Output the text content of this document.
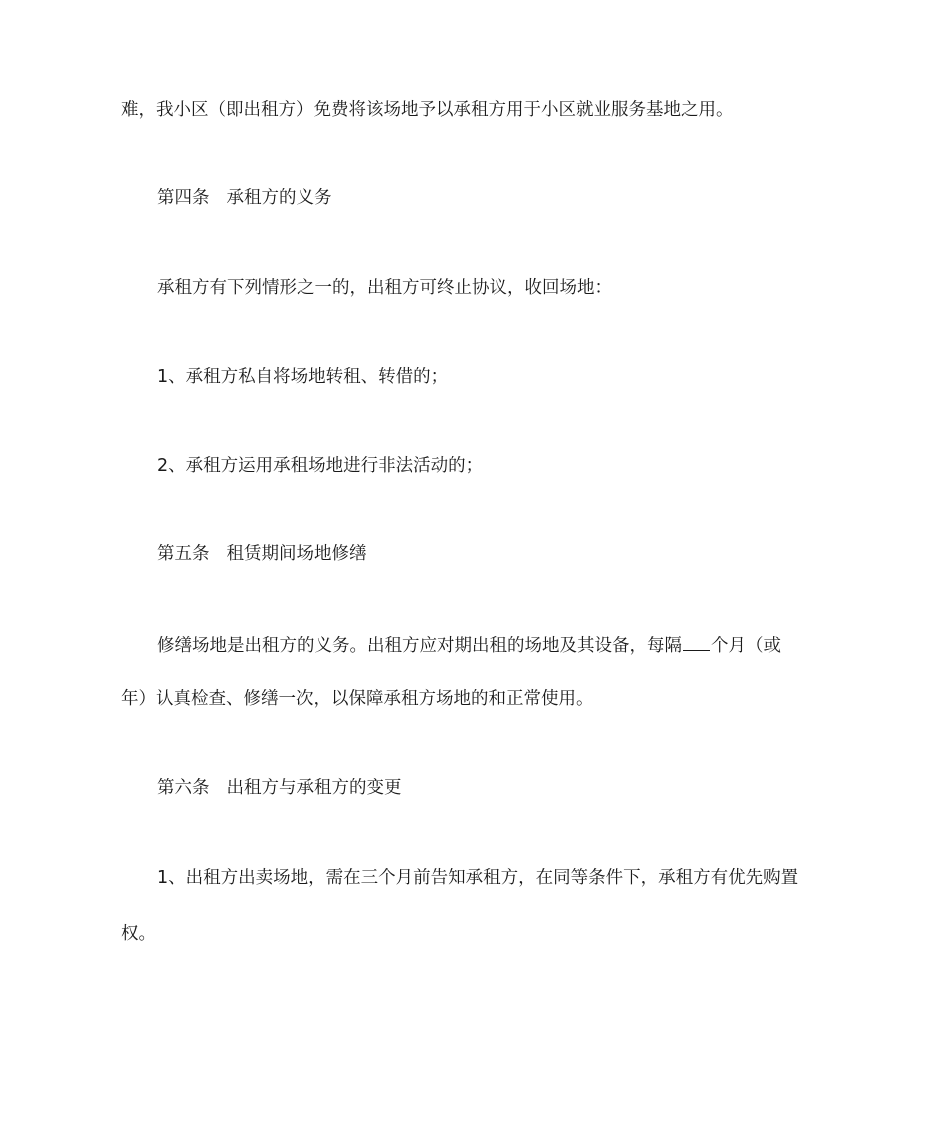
难，我小区（即出租方）免费将该场地予以承租方用于小区就业服务基地之用。
第四条 承租方的义务
承租方有下列情形之一的，出租方可终止协议，收回场地：
1、承租方私自将场地转租、转借的；
2、承租方运用承租场地进行非法活动的；
第五条 租赁期间场地修缮
修缮场地是出租方的义务。出租方应对期出租的场地及其设备，每隔 个月（或
年）认真检查、修缮一次，以保障承租方场地的和正常使用。
第六条 出租方与承租方的变更
1、出租方出卖场地，需在三个月前告知承租方，在同等条件下，承租方有优先购置
权。
